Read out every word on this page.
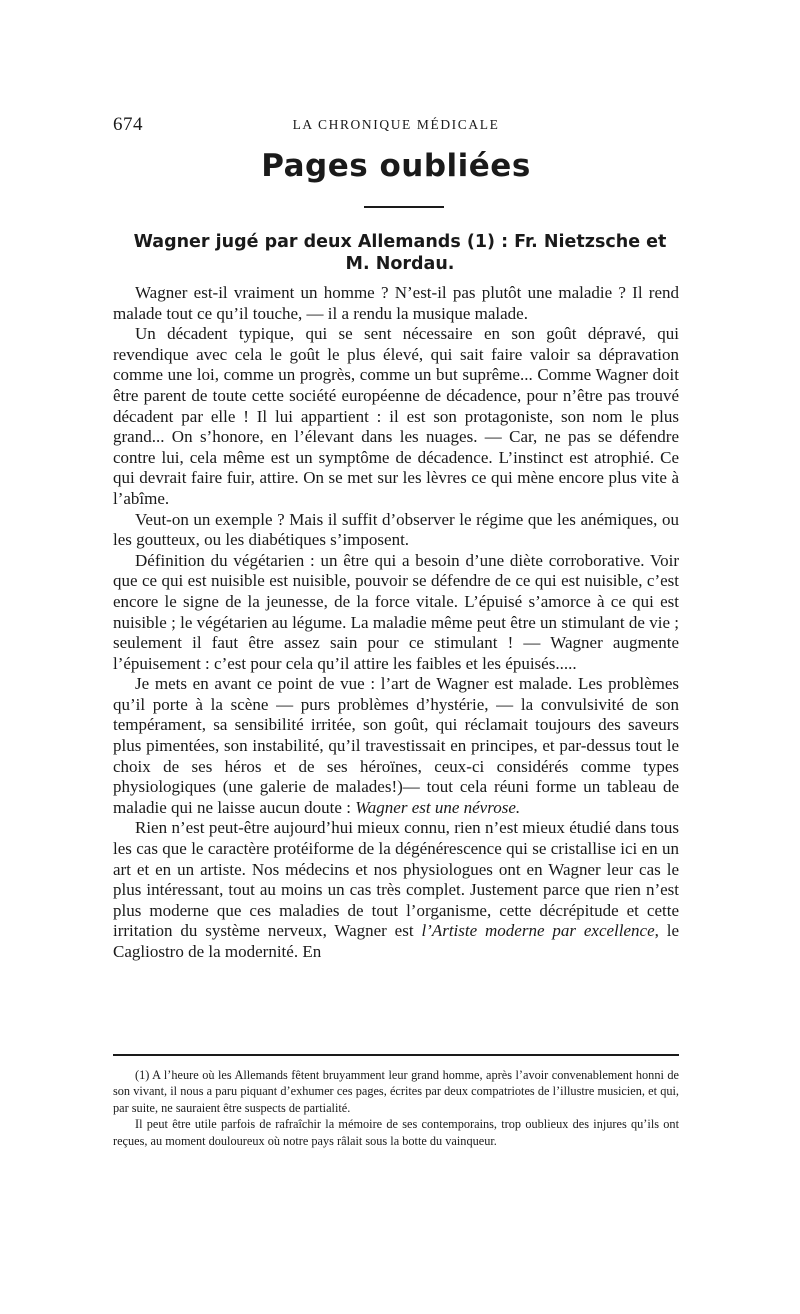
674	LA CHRONIQUE MÉDICALE
Pages oubliées
Wagner jugé par deux Allemands (1) : Fr. Nietzsche et M. Nordau.

Wagner est-il vraiment un homme ? N’est-il pas plutôt une maladie ? Il rend malade tout ce qu’il touche, — il a rendu la musique malade.

Un décadent typique, qui se sent nécessaire en son goût dépravé, qui revendique avec cela le goût le plus élevé, qui sait faire valoir sa dépravation comme une loi, comme un progrès, comme un but suprême... Comme Wagner doit être parent de toute cette société européenne de décadence, pour n’être pas trouvé décadent par elle ! Il lui appartient : il est son protagoniste, son nom le plus grand... On s’honore, en l’élevant dans les nuages. — Car, ne pas se défendre contre lui, cela même est un symptôme de décadence. L’instinct est atrophié. Ce qui devrait faire fuir, attire. On se met sur les lèvres ce qui mène encore plus vite à l’abîme.

Veut-on un exemple ? Mais il suffit d’observer le régime que les anémiques, ou les goutteux, ou les diabétiques s’imposent.

Définition du végétarien : un être qui a besoin d’une diète corroborative. Voir que ce qui est nuisible est nuisible, pouvoir se défendre de ce qui est nuisible, c’est encore le signe de la jeunesse, de la force vitale. L’épuisé s’amorce à ce qui est nuisible ; le végétarien au légume. La maladie même peut être un stimulant de vie ; seulement il faut être assez sain pour ce stimulant ! — Wagner augmente l’épuisement : c’est pour cela qu’il attire les faibles et les épuisés.....

Je mets en avant ce point de vue : l’art de Wagner est malade. Les problèmes qu’il porte à la scène — purs problèmes d’hystérie, — la convulsivité de son tempérament, sa sensibilité irritée, son goût, qui réclamait toujours des saveurs plus pimentées, son instabilité, qu’il travestissait en principes, et par-dessus tout le choix de ses héros et de ses héroïnes, ceux-ci considérés comme types physiologiques (une galerie de malades!)— tout cela réuni forme un tableau de maladie qui ne laisse aucun doute : Wagner est une névrose.

Rien n’est peut-être aujourd’hui mieux connu, rien n’est mieux étudié dans tous les cas que le caractère protéiforme de la dégénérescence qui se cristallise ici en un art et en un artiste. Nos médecins et nos physiologues ont en Wagner leur cas le plus intéressant, tout au moins un cas très complet. Justement parce que rien n’est plus moderne que ces maladies de tout l’organisme, cette décrépitude et cette irritation du système nerveux, Wagner est l’Artiste moderne par excellence, le Cagliostro de la modernité. En

(1) A l’heure où les Allemands fêtent bruyamment leur grand homme, après l’avoir convenablement honni de son vivant, il nous a paru piquant d’exhumer ces pages, écrites par deux compatriotes de l’illustre musicien, et qui, par suite, ne sauraient être suspects de partialité.

Il peut être utile parfois de rafraîchir la mémoire de ses contemporains, trop oublieux des injures qu’ils ont reçues, au moment douloureux où notre pays râlait sous la botte du vainqueur.
